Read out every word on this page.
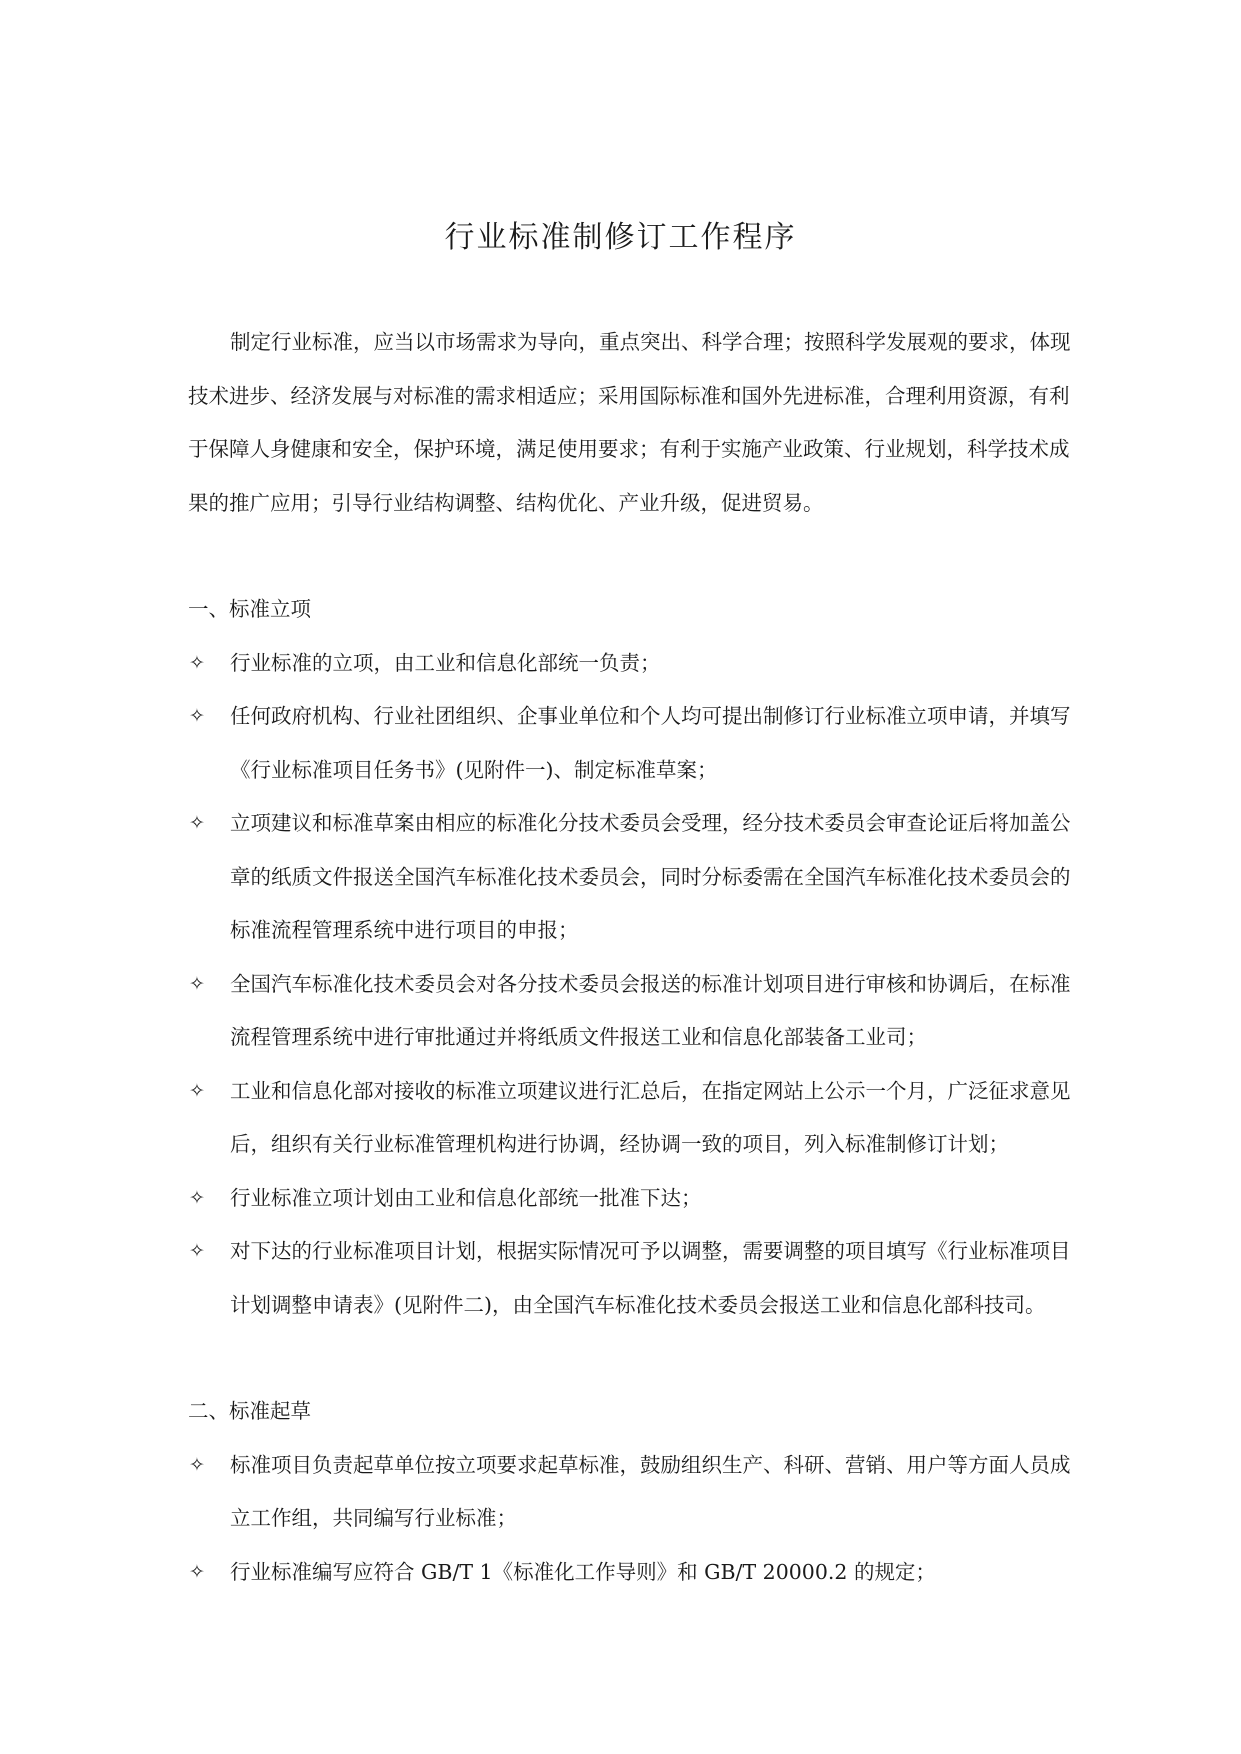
行业标准制修订工作程序

制定行业标准，应当以市场需求为导向，重点突出、科学合理；按照科学发展观的要求，体现技术进步、经济发展与对标准的需求相适应；采用国际标准和国外先进标准，合理利用资源，有利于保障人身健康和安全，保护环境，满足使用要求；有利于实施产业政策、行业规划，科学技术成果的推广应用；引导行业结构调整、结构优化、产业升级，促进贸易。

一、标准立项

✧ 行业标准的立项，由工业和信息化部统一负责；
✧ 任何政府机构、行业社团组织、企事业单位和个人均可提出制修订行业标准立项申请，并填写《行业标准项目任务书》(见附件一)、制定标准草案；
✧ 立项建议和标准草案由相应的标准化分技术委员会受理，经分技术委员会审查论证后将加盖公章的纸质文件报送全国汽车标准化技术委员会，同时分标委需在全国汽车标准化技术委员会的标准流程管理系统中进行项目的申报；
✧ 全国汽车标准化技术委员会对各分技术委员会报送的标准计划项目进行审核和协调后，在标准流程管理系统中进行审批通过并将纸质文件报送工业和信息化部装备工业司；
✧ 工业和信息化部对接收的标准立项建议进行汇总后，在指定网站上公示一个月，广泛征求意见后，组织有关行业标准管理机构进行协调，经协调一致的项目，列入标准制修订计划；
✧ 行业标准立项计划由工业和信息化部统一批准下达；
✧ 对下达的行业标准项目计划，根据实际情况可予以调整，需要调整的项目填写《行业标准项目计划调整申请表》(见附件二)，由全国汽车标准化技术委员会报送工业和信息化部科技司。

二、标准起草

✧ 标准项目负责起草单位按立项要求起草标准，鼓励组织生产、科研、营销、用户等方面人员成立工作组，共同编写行业标准；
✧ 行业标准编写应符合 GB/T 1《标准化工作导则》和 GB/T 20000.2 的规定；
